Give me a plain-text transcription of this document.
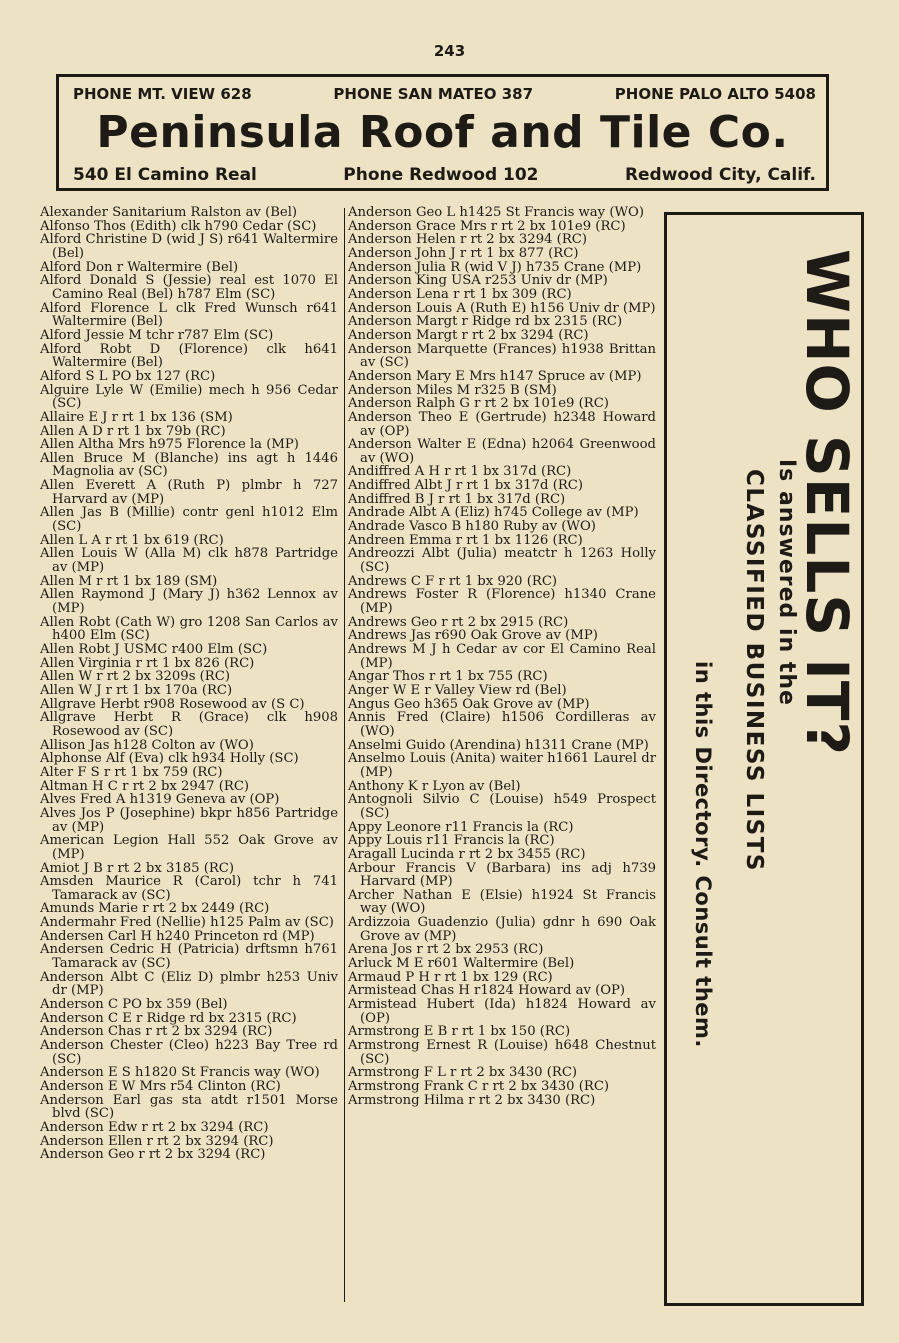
243
PHONE MT. VIEW 628	PHONE SAN MATEO 387	PHONE PALO ALTO 5408
Peninsula Roof and Tile Co.
540 El Camino Real	Phone Redwood 102	Redwood City, Calif.

Alexander Sanitarium Ralston av (Bel)

Alfonso Thos (Edith) clk h790 Cedar (SC)

Alford Christine D (wid J S) r641 Waltermire (Bel)

Alford Don r Waltermire (Bel)

Alford Donald S (Jessie) real est 1070 El Camino Real (Bel) h787 Elm (SC)

Alford Florence L clk Fred Wunsch r641 Waltermire (Bel)

Alford Jessie M tchr r787 Elm (SC)

Alford Robt D (Florence) clk h641 Waltermire (Bel)

Alford S L PO bx 127 (RC)

Alguire Lyle W (Emilie) mech h 956 Cedar (SC)

Allaire E J r rt 1 bx 136 (SM)

Allen A D r rt 1 bx 79b (RC)

Allen Altha Mrs h975 Florence la (MP)

Allen Bruce M (Blanche) ins agt h 1446 Magnolia av (SC)

Allen Everett A (Ruth P) plmbr h 727 Harvard av (MP)

Allen Jas B (Millie) contr genl h1012 Elm (SC)

Allen L A r rt 1 bx 619 (RC)

Allen Louis W (Alla M) clk h878 Partridge av (MP)

Allen M r rt 1 bx 189 (SM)

Allen Raymond J (Mary J) h362 Lennox av (MP)

Allen Robt (Cath W) gro 1208 San Carlos av h400 Elm (SC)

Allen Robt J USMC r400 Elm (SC)

Allen Virginia r rt 1 bx 826 (RC)

Allen W r rt 2 bx 3209s (RC)

Allen W J r rt 1 bx 170a (RC)

Allgrave Herbt r908 Rosewood av (S C)

Allgrave Herbt R (Grace) clk h908 Rosewood av (SC)

Allison Jas h128 Colton av (WO)

Alphonse Alf (Eva) clk h934 Holly (SC)

Alter F S r rt 1 bx 759 (RC)

Altman H C r rt 2 bx 2947 (RC)

Alves Fred A h1319 Geneva av (OP)

Alves Jos P (Josephine) bkpr h856 Partridge av (MP)

American Legion Hall 552 Oak Grove av (MP)

Amiot J B r rt 2 bx 3185 (RC)

Amsden Maurice R (Carol) tchr h 741 Tamarack av (SC)

Amunds Marie r rt 2 bx 2449 (RC)

Andermahr Fred (Nellie) h125 Palm av (SC)

Andersen Carl H h240 Princeton rd (MP)

Andersen Cedric H (Patricia) drftsmn h761 Tamarack av (SC)

Anderson Albt C (Eliz D) plmbr h253 Univ dr (MP)

Anderson C PO bx 359 (Bel)

Anderson C E r Ridge rd bx 2315 (RC)

Anderson Chas r rt 2 bx 3294 (RC)

Anderson Chester (Cleo) h223 Bay Tree rd (SC)

Anderson E S h1820 St Francis way (WO)

Anderson E W Mrs r54 Clinton (RC)

Anderson Earl gas sta atdt r1501 Morse blvd (SC)

Anderson Edw r rt 2 bx 3294 (RC)

Anderson Ellen r rt 2 bx 3294 (RC)

Anderson Geo r rt 2 bx 3294 (RC)

Anderson Geo L h1425 St Francis way (WO)

Anderson Grace Mrs r rt 2 bx 101e9 (RC)

Anderson Helen r rt 2 bx 3294 (RC)

Anderson John J r rt 1 bx 877 (RC)

Anderson Julia R (wid V J) h735 Crane (MP)

Anderson King USA r253 Univ dr (MP)

Anderson Lena r rt 1 bx 309 (RC)

Anderson Louis A (Ruth E) h156 Univ dr (MP)

Anderson Margt r Ridge rd bx 2315 (RC)

Anderson Margt r rt 2 bx 3294 (RC)

Anderson Marquette (Frances) h1938 Brittan av (SC)

Anderson Mary E Mrs h147 Spruce av (MP)

Anderson Miles M r325 B (SM)

Anderson Ralph G r rt 2 bx 101e9 (RC)

Anderson Theo E (Gertrude) h2348 Howard av (OP)

Anderson Walter E (Edna) h2064 Greenwood av (WO)

Andiffred A H r rt 1 bx 317d (RC)

Andiffred Albt J r rt 1 bx 317d (RC)

Andiffred B J r rt 1 bx 317d (RC)

Andrade Albt A (Eliz) h745 College av (MP)

Andrade Vasco B h180 Ruby av (WO)

Andreen Emma r rt 1 bx 1126 (RC)

Andreozzi Albt (Julia) meatctr h 1263 Holly (SC)

Andrews C F r rt 1 bx 920 (RC)

Andrews Foster R (Florence) h1340 Crane (MP)

Andrews Geo r rt 2 bx 2915 (RC)

Andrews Jas r690 Oak Grove av (MP)

Andrews M J h Cedar av cor El Camino Real (MP)

Angar Thos r rt 1 bx 755 (RC)

Anger W E r Valley View rd (Bel)

Angus Geo h365 Oak Grove av (MP)

Annis Fred (Claire) h1506 Cordilleras av (WO)

Anselmi Guido (Arendina) h1311 Crane (MP)

Anselmo Louis (Anita) waiter h1661 Laurel dr (MP)

Anthony K r Lyon av (Bel)

Antognoli Silvio C (Louise) h549 Prospect (SC)

Appy Leonore r11 Francis la (RC)

Appy Louis r11 Francis la (RC)

Aragall Lucinda r rt 2 bx 3455 (RC)

Arbour Francis V (Barbara) ins adj h739 Harvard (MP)

Archer Nathan E (Elsie) h1924 St Francis way (WO)

Ardizzoia Guadenzio (Julia) gdnr h 690 Oak Grove av (MP)

Arena Jos r rt 2 bx 2953 (RC)

Arluck M E r601 Waltermire (Bel)

Armaud P H r rt 1 bx 129 (RC)

Armistead Chas H r1824 Howard av (OP)

Armistead Hubert (Ida) h1824 Howard av (OP)

Armstrong E B r rt 1 bx 150 (RC)

Armstrong Ernest R (Louise) h648 Chestnut (SC)

Armstrong F L r rt 2 bx 3430 (RC)

Armstrong Frank C r rt 2 bx 3430 (RC)

Armstrong Hilma r rt 2 bx 3430 (RC)

WHO SELLS IT?
Is answered in the
CLASSIFIED BUSINESS LISTS
in this Directory. Consult them.
